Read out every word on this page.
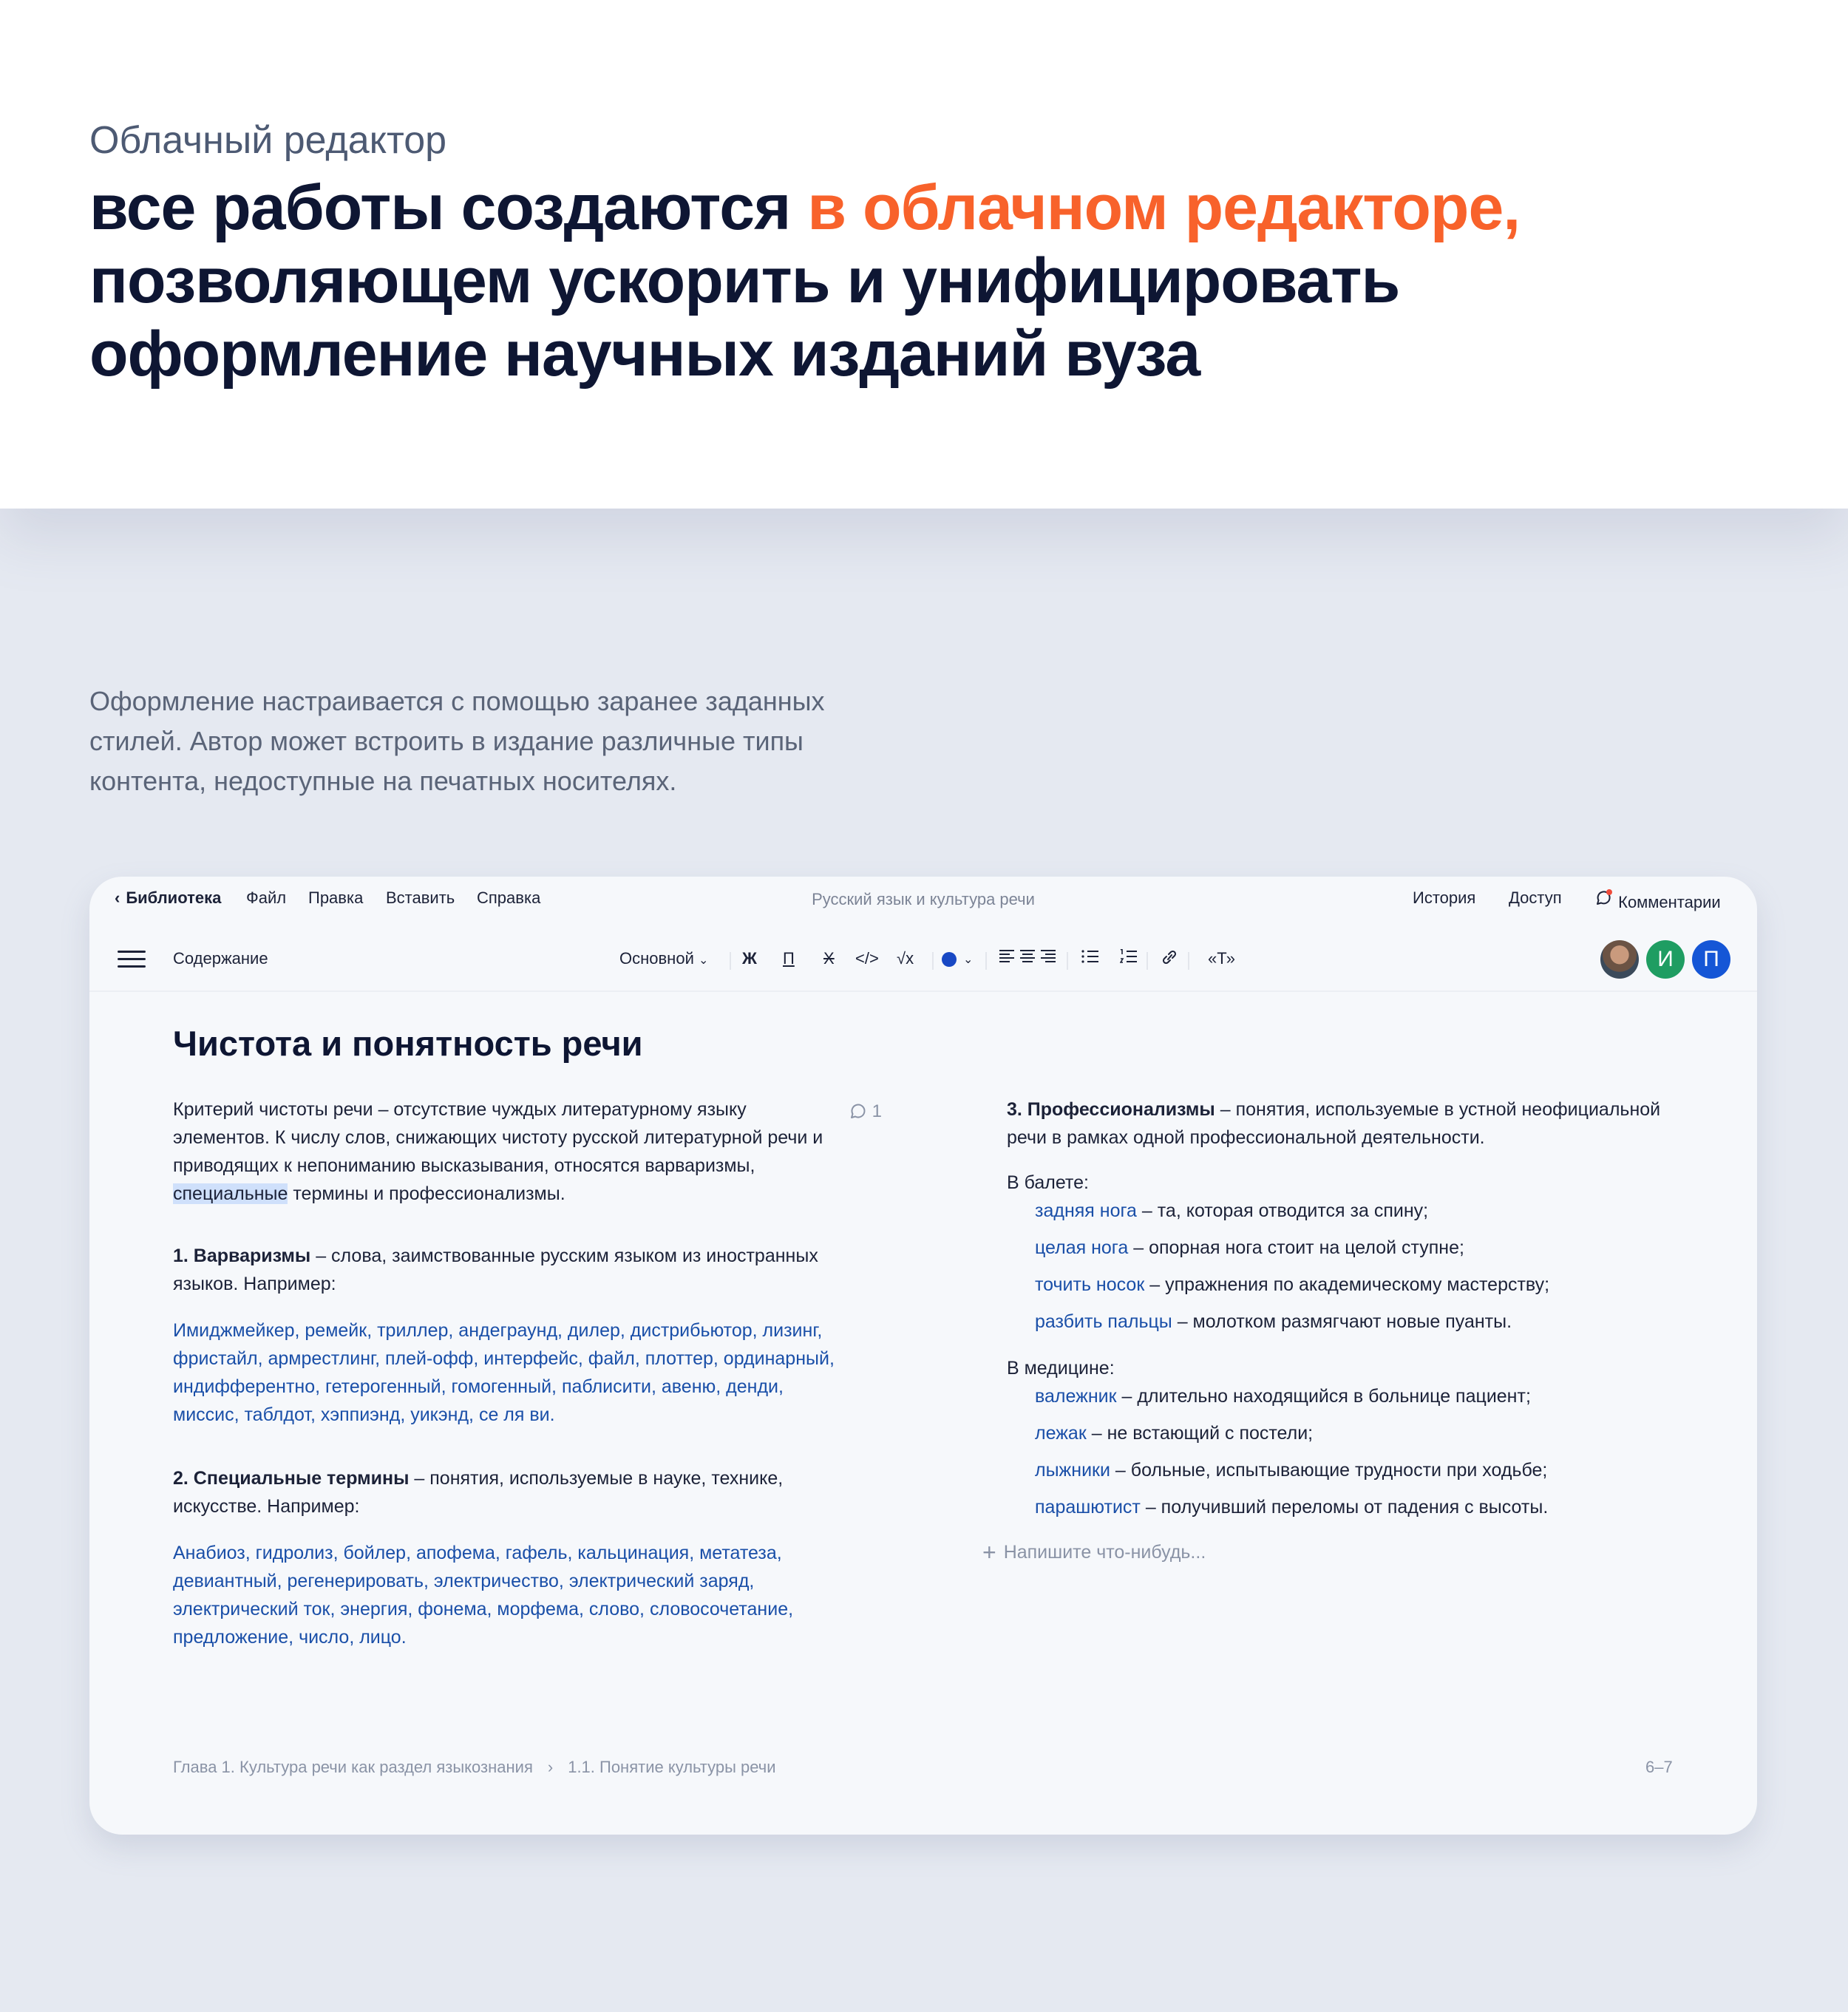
Облачный редактор
все работы создаются в облачном редакторе,
позволяющем ускорить и унифицировать оформление научных изданий вуза
Оформление настраивается с помощью заранее заданных стилей. Автор может встроить в издание различные типы контента, недоступные на печатных носителях.
‹ Библиотека Файл Правка Вставить Справка	Русский язык и культура речи	История Доступ	Комментарии
Содержание	Основной ⌄ Ж П Х </> √x	⌄	«Т»	И	П
Чистота и понятность речи
Критерий чистоты речи – отсутствие чуждых литературному языку элементов. К числу слов, снижающих чистоту русской литературной речи и приводящих к непониманию высказывания, относятся варваризмы, специальные термины и профессионализмы.
1
1. Варваризмы – слова, заимствованные русским языком из иностранных языков. Например:
Имиджмейкер, ремейк, триллер, андеграунд, дилер, дистрибьютор, лизинг, фристайл, армрестлинг, плей-офф, интерфейс, файл, плоттер, ординарный, индифферентно, гетерогенный, гомогенный, паблисити, авеню, денди, миссис, таблдот, хэппиэнд, уикэнд, се ля ви.
2. Специальные термины – понятия, используемые в науке, технике, искусстве. Например:
Анабиоз, гидролиз, бойлер, апофема, гафель, кальцинация, метатеза, девиантный, регенерировать, электричество, электрический заряд, электрический ток, энергия, фонема, морфема, слово, словосочетание, предложение, число, лицо.
3. Профессионализмы – понятия, используемые в устной неофициальной речи в рамках одной профессиональной деятельности.
В балете:
задняя нога – та, которая отводится за спину;
целая нога – опорная нога стоит на целой ступне;
точить носок – упражнения по академическому мастерству;
разбить пальцы – молотком размягчают новые пуанты.
В медицине:
валежник – длительно находящийся в больнице пациент;
лежак – не встающий с постели;
лыжники – больные, испытывающие трудности при ходьбе;
парашютист – получивший переломы от падения с высоты.
+ Напишите что-нибудь...
Глава 1. Культура речи как раздел языкознания › 1.1. Понятие культуры речи	6–7
